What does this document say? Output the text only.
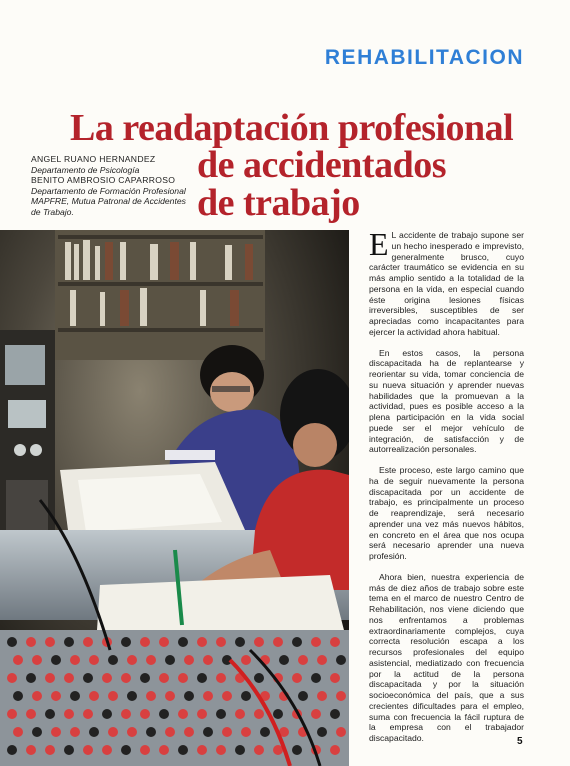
REHABILITACION
La readaptación profesional
de accidentados
de trabajo
ANGEL RUANO HERNANDEZ
Departamento de Psicología
BENITO AMBROSIO CAPARROSO
Departamento de Formación Profesional MAPFRE, Mutua Patronal de Accidentes de Trabajo.

E L accidente de trabajo supone ser un hecho inesperado e imprevisto, generalmente brusco, cuyo carácter traumático se evidencia en su más amplio sentido a la totalidad de la persona en la vida, en especial cuando éste origina lesiones físicas irreversibles, susceptibles de ser apreciadas como incapacitantes para ejercer la actividad ahora habitual.

En estos casos, la persona discapacitada ha de replantearse y reorientar su vida, tomar conciencia de su nueva situación y aprender nuevas habilidades que la promuevan a la actividad, pues es posible acceso a la plena participación en la vida social puede ser el mejor vehículo de integración, de satisfacción y de autorrealización personales.

Este proceso, este largo camino que ha de seguir nuevamente la persona discapacitada por un accidente de trabajo, es principalmente un proceso de reaprendizaje, será necesario aprender una vez más nuevos hábitos, en concreto en el área que nos ocupa será necesario aprender una nueva profesión.

Ahora bien, nuestra experiencia de más de diez años de trabajo sobre este tema en el marco de nuestro Centro de Rehabilitación, nos viene diciendo que nos enfrentamos a problemas extraordinariamente complejos, cuya correcta resolución escapa a los recursos profesionales del equipo asistencial, mediatizado con frecuencia por la actitud de la persona discapacitada y por la situación socioeconómica del país, que a sus crecientes dificultades para el empleo, suma con frecuencia la fácil ruptura de la empresa con el trabajador discapacitado.	5
